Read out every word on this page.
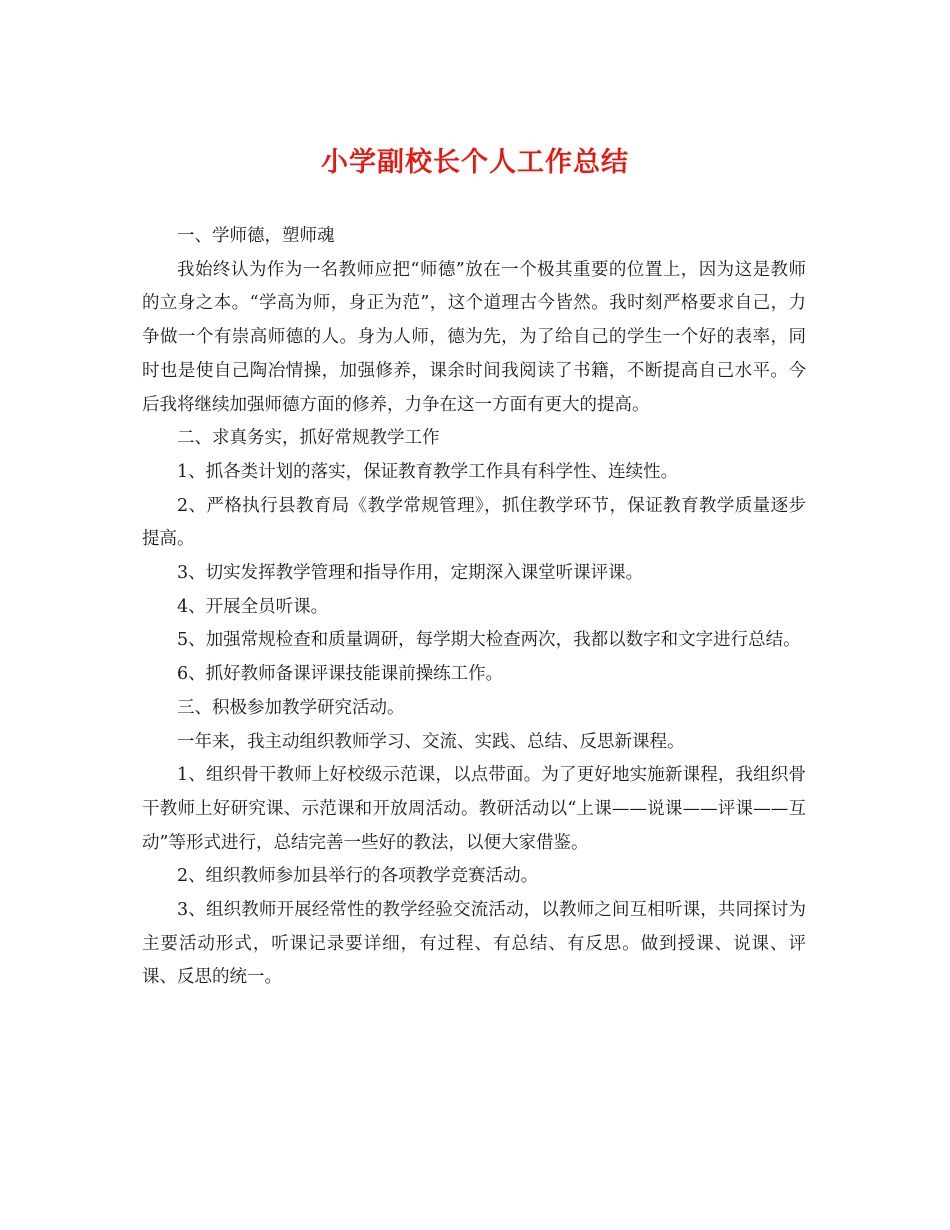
小学副校长个人工作总结

一、学师德，塑师魂

我始终认为作为一名教师应把“师德”放在一个极其重要的位置上，因为这是教师的立身之本。“学高为师，身正为范”，这个道理古今皆然。我时刻严格要求自己，力争做一个有崇高师德的人。身为人师，德为先，为了给自己的学生一个好的表率，同时也是使自己陶冶情操，加强修养，课余时间我阅读了书籍，不断提高自己水平。今后我将继续加强师德方面的修养，力争在这一方面有更大的提高。

二、求真务实，抓好常规教学工作

1、抓各类计划的落实，保证教育教学工作具有科学性、连续性。

2、严格执行县教育局《教学常规管理》，抓住教学环节，保证教育教学质量逐步提高。

3、切实发挥教学管理和指导作用，定期深入课堂听课评课。

4、开展全员听课。

5、加强常规检查和质量调研，每学期大检查两次，我都以数字和文字进行总结。

6、抓好教师备课评课技能课前操练工作。

三、积极参加教学研究活动。

一年来，我主动组织教师学习、交流、实践、总结、反思新课程。

1、组织骨干教师上好校级示范课，以点带面。为了更好地实施新课程，我组织骨干教师上好研究课、示范课和开放周活动。教研活动以“上课——说课——评课——互动”等形式进行，总结完善一些好的教法，以便大家借鉴。

2、组织教师参加县举行的各项教学竞赛活动。

3、组织教师开展经常性的教学经验交流活动，以教师之间互相听课，共同探讨为主要活动形式，听课记录要详细，有过程、有总结、有反思。做到授课、说课、评课、反思的统一。
